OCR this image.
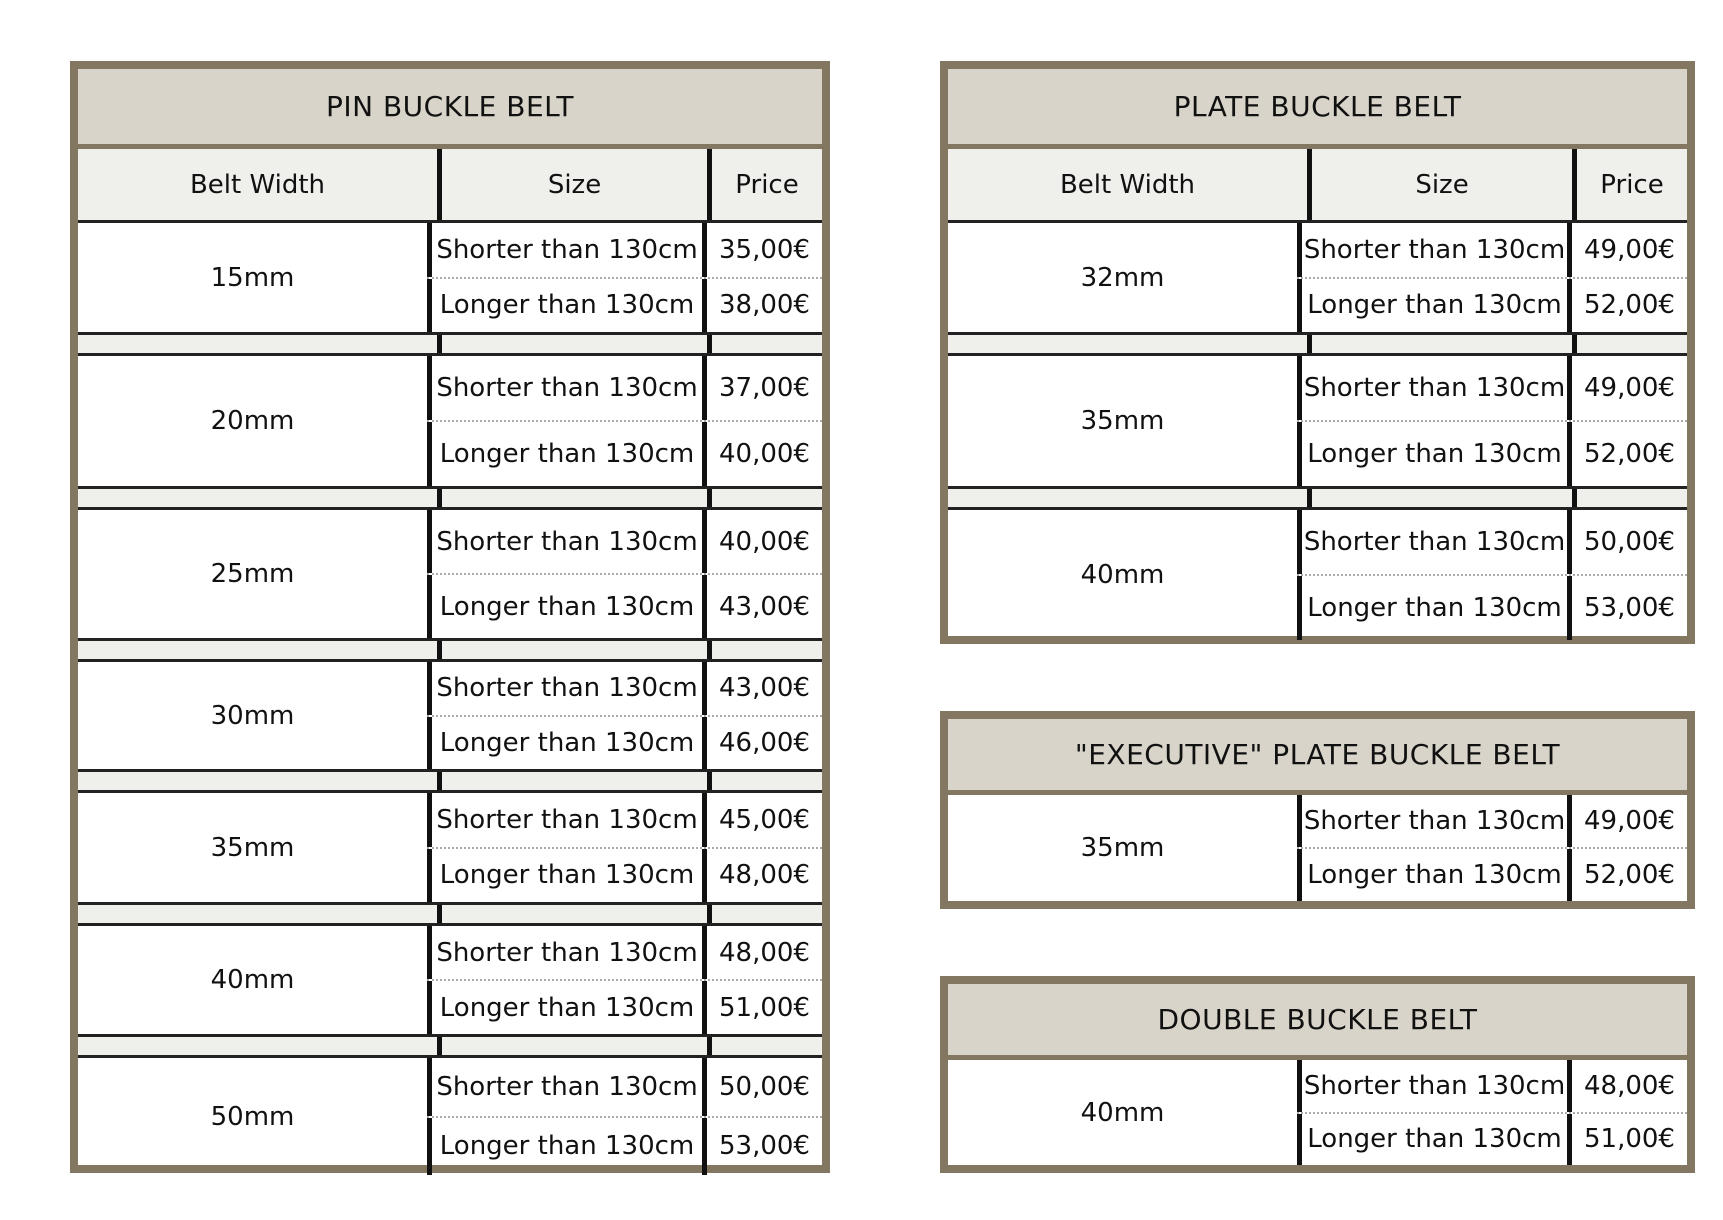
PIN BUCKLE BELT
Belt Width	Size	Price
15mm
Shorter than 130cm 35,00€
Longer than 130cm 38,00€
20mm
Shorter than 130cm 37,00€
Longer than 130cm 40,00€
25mm
Shorter than 130cm 40,00€
Longer than 130cm 43,00€
30mm
Shorter than 130cm 43,00€
Longer than 130cm 46,00€
35mm
Shorter than 130cm 45,00€
Longer than 130cm 48,00€
40mm
Shorter than 130cm 48,00€
Longer than 130cm 51,00€
50mm
Shorter than 130cm 50,00€
Longer than 130cm 53,00€
PLATE BUCKLE BELT
Belt Width	Size	Price
32mm
Shorter than 130cm 49,00€
Longer than 130cm 52,00€
35mm
Shorter than 130cm 49,00€
Longer than 130cm 52,00€
40mm
Shorter than 130cm 50,00€
Longer than 130cm 53,00€
"EXECUTIVE" PLATE BUCKLE BELT
35mm
Shorter than 130cm 49,00€
Longer than 130cm 52,00€
DOUBLE BUCKLE BELT
40mm
Shorter than 130cm 48,00€
Longer than 130cm 51,00€
